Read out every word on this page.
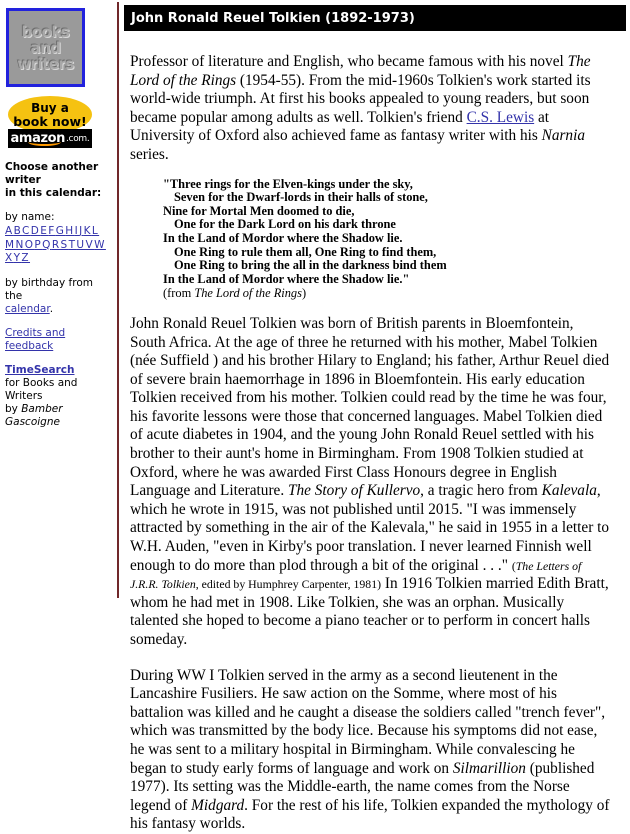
books
and
writers
Buy a
book now!
amazon .com.
Choose another writer
in this calendar:
by name:
ABCDEFGHIJKL
MNOPQRSTUVW
XYZ
by birthday from the
calendar.
Credits and feedback
TimeSearch
for Books and Writers
by Bamber Gascoigne
John Ronald Reuel Tolkien (1892-1973)

Professor of literature and English, who became famous with his novel The Lord of the Rings (1954-55). From the mid-1960s Tolkien's work started its world-wide triumph. At first his books appealed to young readers, but soon became popular among adults as well. Tolkien's friend C.S. Lewis at University of Oxford also achieved fame as fantasy writer with his Narnia series.

"Three rings for the Elven-kings under the sky,
Seven for the Dwarf-lords in their halls of stone,
Nine for Mortal Men doomed to die,
One for the Dark Lord on his dark throne
In the Land of Mordor where the Shadow lie.
One Ring to rule them all, One Ring to find them,
One Ring to bring the all in the darkness bind them
In the Land of Mordor where the Shadow lie."
(from The Lord of the Rings)

John Ronald Reuel Tolkien was born of British parents in Bloemfontein, South Africa. At the age of three he returned with his mother, Mabel Tolkien (née Suffield ) and his brother Hilary to England; his father, Arthur Reuel died of severe brain haemorrhage in 1896 in Bloemfontein. His early education Tolkien received from his mother. Tolkien could read by the time he was four, his favorite lessons were those that concerned languages. Mabel Tolkien died of acute diabetes in 1904, and the young John Ronald Reuel settled with his brother to their aunt's home in Birmingham. From 1908 Tolkien studied at Oxford, where he was awarded First Class Honours degree in English Language and Literature. The Story of Kullervo, a tragic hero from Kalevala, which he wrote in 1915, was not published until 2015. "I was immensely attracted by something in the air of the Kalevala," he said in 1955 in a letter to W.H. Auden, "even in Kirby's poor translation. I never learned Finnish well enough to do more than plod through a bit of the original . . ." (The Letters of J.R.R. Tolkien, edited by Humphrey Carpenter, 1981) In 1916 Tolkien married Edith Bratt, whom he had met in 1908. Like Tolkien, she was an orphan. Musically talented she hoped to become a piano teacher or to perform in concert halls someday.

During WW I Tolkien served in the army as a second lieutenent in the Lancashire Fusiliers. He saw action on the Somme, where most of his battalion was killed and he caught a disease the soldiers called "trench fever", which was transmitted by the body lice. Because his symptoms did not ease, he was sent to a military hospital in Birmingham. While convalescing he began to study early forms of language and work on Silmarillion (published 1977). Its setting was the Middle-earth, the name comes from the Norse legend of Midgard. For the rest of his life, Tolkien expanded the mythology of his fantasy worlds.
